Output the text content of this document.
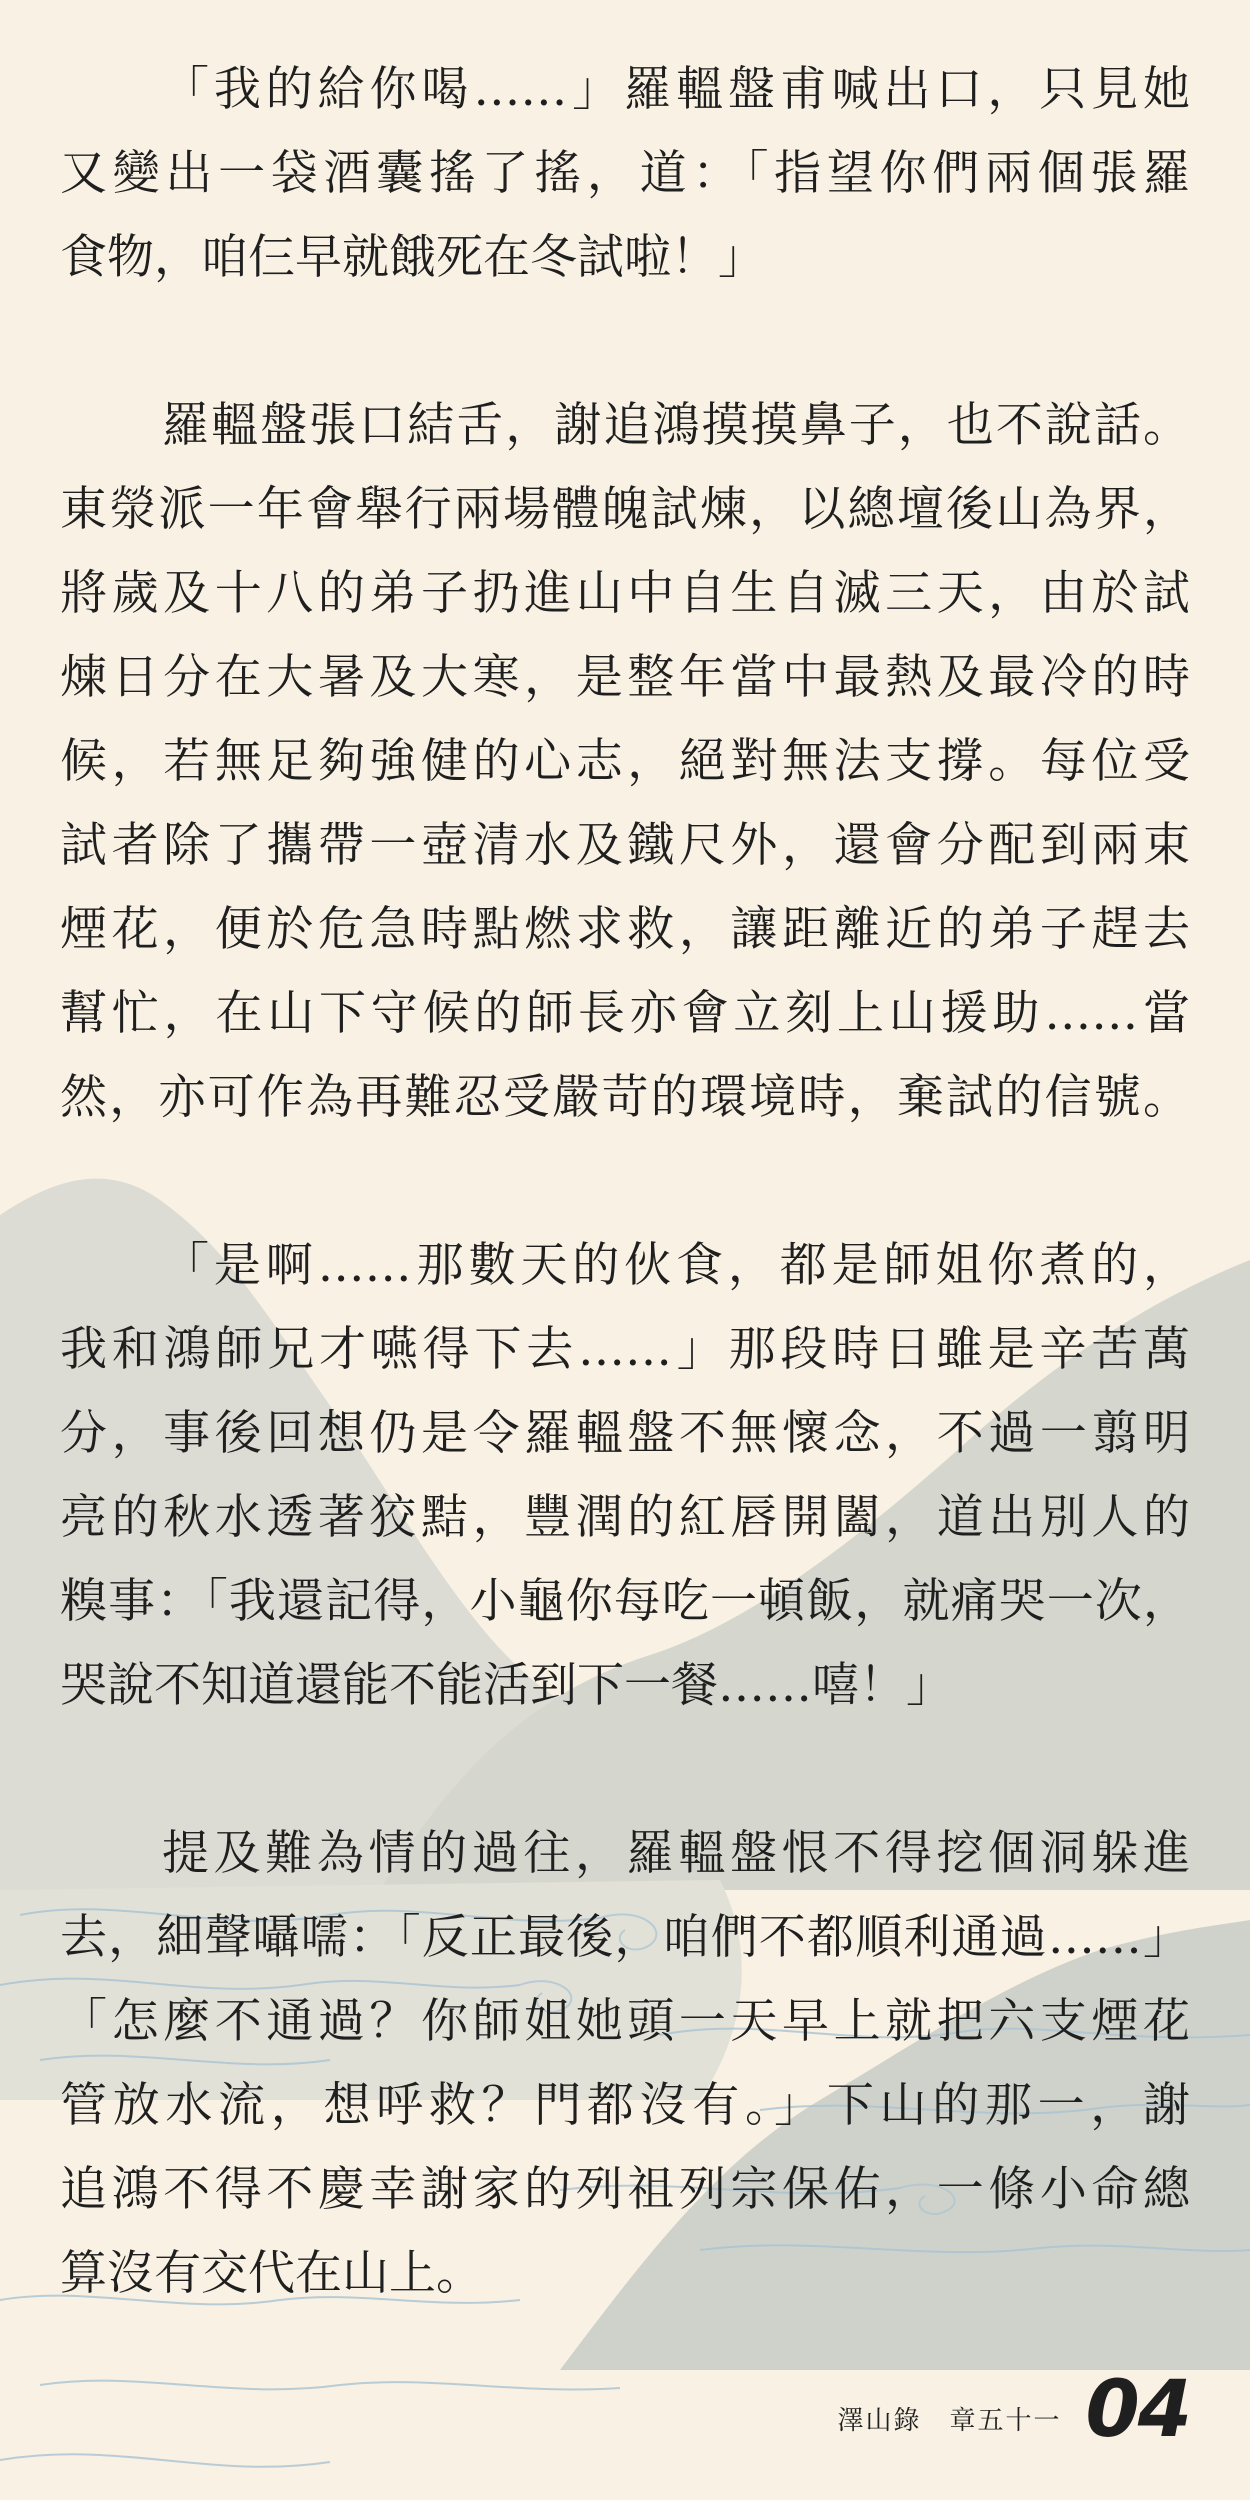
「我的給你喝……」羅轀盤甫喊出口，只見她
又變出一袋酒囊搖了搖，道：「指望你們兩個張羅
食物，咱仨早就餓死在冬試啦！」
羅轀盤張口結舌，謝追鴻摸摸鼻子，也不說話。
東滎派一年會舉行兩場體魄試煉，以總壇後山為界，
將歲及十八的弟子扔進山中自生自滅三天，由於試
煉日分在大暑及大寒，是整年當中最熱及最冷的時
候，若無足夠強健的心志，絕對無法支撐。每位受
試者除了攜帶一壺清水及鐵尺外，還會分配到兩束
煙花，便於危急時點燃求救，讓距離近的弟子趕去
幫忙，在山下守候的師長亦會立刻上山援助……當
然，亦可作為再難忍受嚴苛的環境時，棄試的信號。
「是啊……那數天的伙食，都是師姐你煮的，
我和鴻師兄才嚥得下去……」那段時日雖是辛苦萬
分，事後回想仍是令羅轀盤不無懷念，不過一翦明
亮的秋水透著狡黠，豐潤的紅唇開闔，道出別人的
糗事：「我還記得，小龜你每吃一頓飯，就痛哭一次，
哭說不知道還能不能活到下一餐……嘻！」
提及難為情的過往，羅轀盤恨不得挖個洞躲進
去，細聲囁嚅：「反正最後，咱們不都順利通過……」
「怎麼不通過？你師姐她頭一天早上就把六支煙花
管放水流，想呼救？門都沒有。」下山的那一，謝
追鴻不得不慶幸謝家的列祖列宗保佑，一條小命總
算沒有交代在山上。
澤山錄　章五十一 04
